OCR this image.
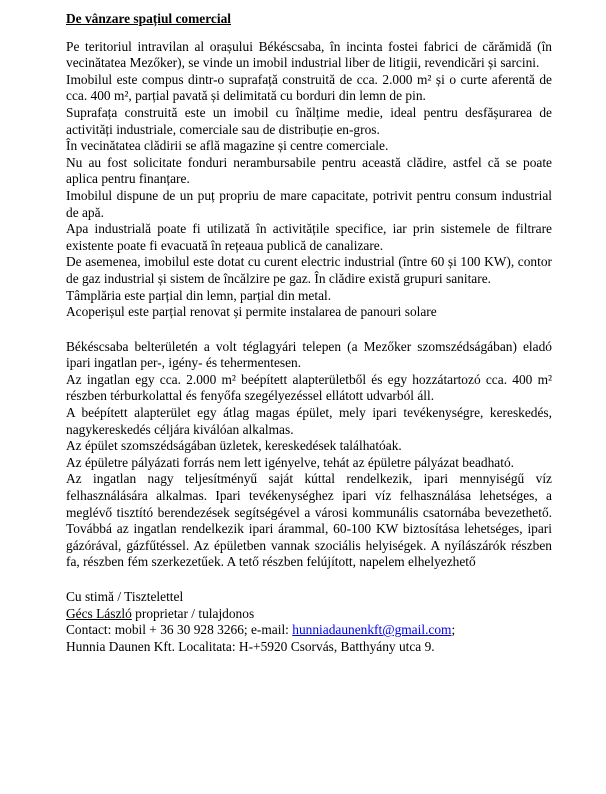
De vânzare spațiul comercial

Pe teritoriul intravilan al orașului Békéscsaba, în incinta fostei fabrici de cărămidă (în vecinătatea Mezőker), se vinde un imobil industrial liber de litigii, revendicări și sarcini.

Imobilul este compus dintr-o suprafață construită de cca. 2.000 m² și o curte aferentă de cca. 400 m², parțial pavată și delimitată cu borduri din lemn de pin.

Suprafața construită este un imobil cu înălțime medie, ideal pentru desfășurarea de activități industriale, comerciale sau de distribuție en-gros.

În vecinătatea clădirii se află magazine și centre comerciale.

Nu au fost solicitate fonduri nerambursabile pentru această clădire, astfel că se poate aplica pentru finanțare.

Imobilul dispune de un puț propriu de mare capacitate, potrivit pentru consum industrial de apă.

Apa industrială poate fi utilizată în activitățile specifice, iar prin sistemele de filtrare existente poate fi evacuată în rețeaua publică de canalizare.

De asemenea, imobilul este dotat cu curent electric industrial (între 60 și 100 KW), contor de gaz industrial și sistem de încălzire pe gaz. În clădire există grupuri sanitare.

Tâmplăria este parțial din lemn, parțial din metal.

Acoperișul este parțial renovat și permite instalarea de panouri solare

Békéscsaba belterületén a volt téglagyári telepen (a Mezőker szomszédságában) eladó ipari ingatlan per-, igény- és tehermentesen.

Az ingatlan egy cca. 2.000 m² beépített alapterületből és egy hozzátartozó cca. 400 m² részben térburkolattal és fenyőfa szegélyezéssel ellátott udvarból áll.

A beépített alapterület egy átlag magas épület, mely ipari tevékenységre, kereskedés, nagykereskedés céljára kiválóan alkalmas.

Az épület szomszédságában üzletek, kereskedések találhatóak.

Az épületre pályázati forrás nem lett igényelve, tehát az épületre pályázat beadható.

Az ingatlan nagy teljesítményű saját kúttal rendelkezik, ipari mennyiségű víz felhasználására alkalmas. Ipari tevékenységhez ipari víz felhasználása lehetséges, a meglévő tisztító berendezések segítségével a városi kommunális csatornába bevezethető. Továbbá az ingatlan rendelkezik ipari árammal, 60-100 KW biztosítása lehetséges, ipari gázórával, gázfűtéssel. Az épületben vannak szociális helyiségek. A nyílászárók részben fa, részben fém szerkezetűek. A tető részben felújított, napelem elhelyezhető

Cu stimă / Tisztelettel

Gécs László proprietar / tulajdonos

Contact: mobil + 36 30 928 3266; e-mail: hunniadaunenkft@gmail.com;

Hunnia Daunen Kft. Localitata: H-+5920 Csorvás, Batthyány utca 9.
